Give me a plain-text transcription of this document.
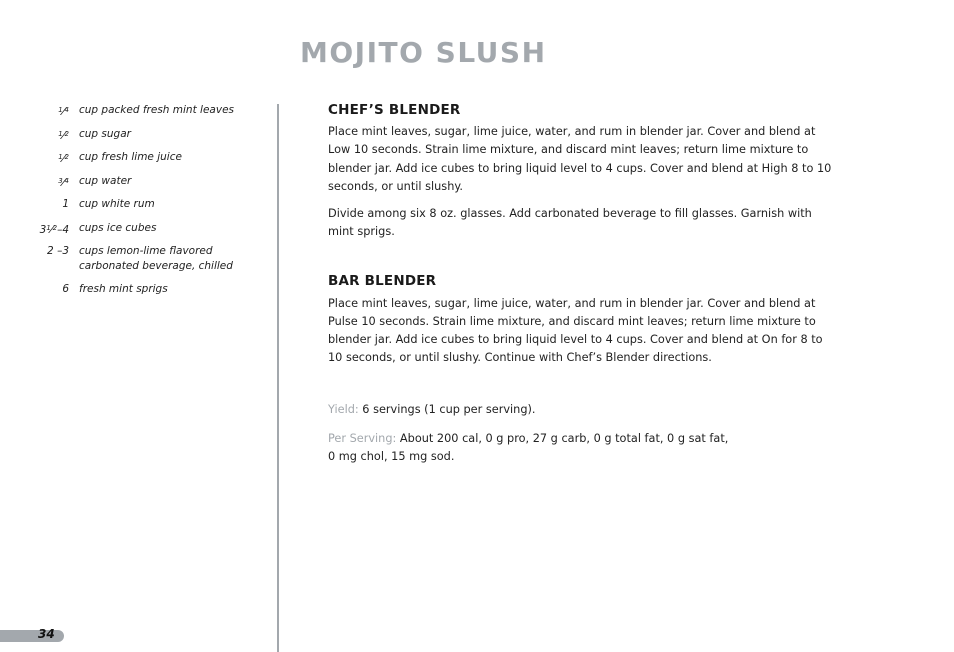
MOJITO SLUSH
$^1$⁄$^4$ cup packed fresh mint leaves
$^1$⁄$^2$ cup sugar
$^1$⁄$^2$ cup fresh lime juice
$^3$⁄$^4$ cup water
1 cup white rum
$3^1⁄^2-4$ cups ice cubes
2 –3 cups lemon-lime flavored carbonated beverage, chilled
6 fresh mint sprigs
CHEF’S BLENDER

Place mint leaves, sugar, lime juice, water, and rum in blender jar. Cover and blend at Low 10 seconds. Strain lime mixture, and discard mint leaves; return lime mixture to blender jar. Add ice cubes to bring liquid level to 4 cups. Cover and blend at High 8 to 10 seconds, or until slushy.

Divide among six 8 oz. glasses. Add carbonated beverage to fill glasses. Garnish with mint sprigs.

BAR BLENDER

Place mint leaves, sugar, lime juice, water, and rum in blender jar. Cover and blend at Pulse 10 seconds. Strain lime mixture, and discard mint leaves; return lime mixture to blender jar. Add ice cubes to bring liquid level to 4 cups. Cover and blend at On for 8 to 10 seconds, or until slushy. Continue with Chef’s Blender directions.

Yield: 6 servings (1 cup per serving).
Per Serving: About 200 cal, 0 g pro, 27 g carb, 0 g total fat, 0 g sat fat,
0 mg chol, 15 mg sod.
34
